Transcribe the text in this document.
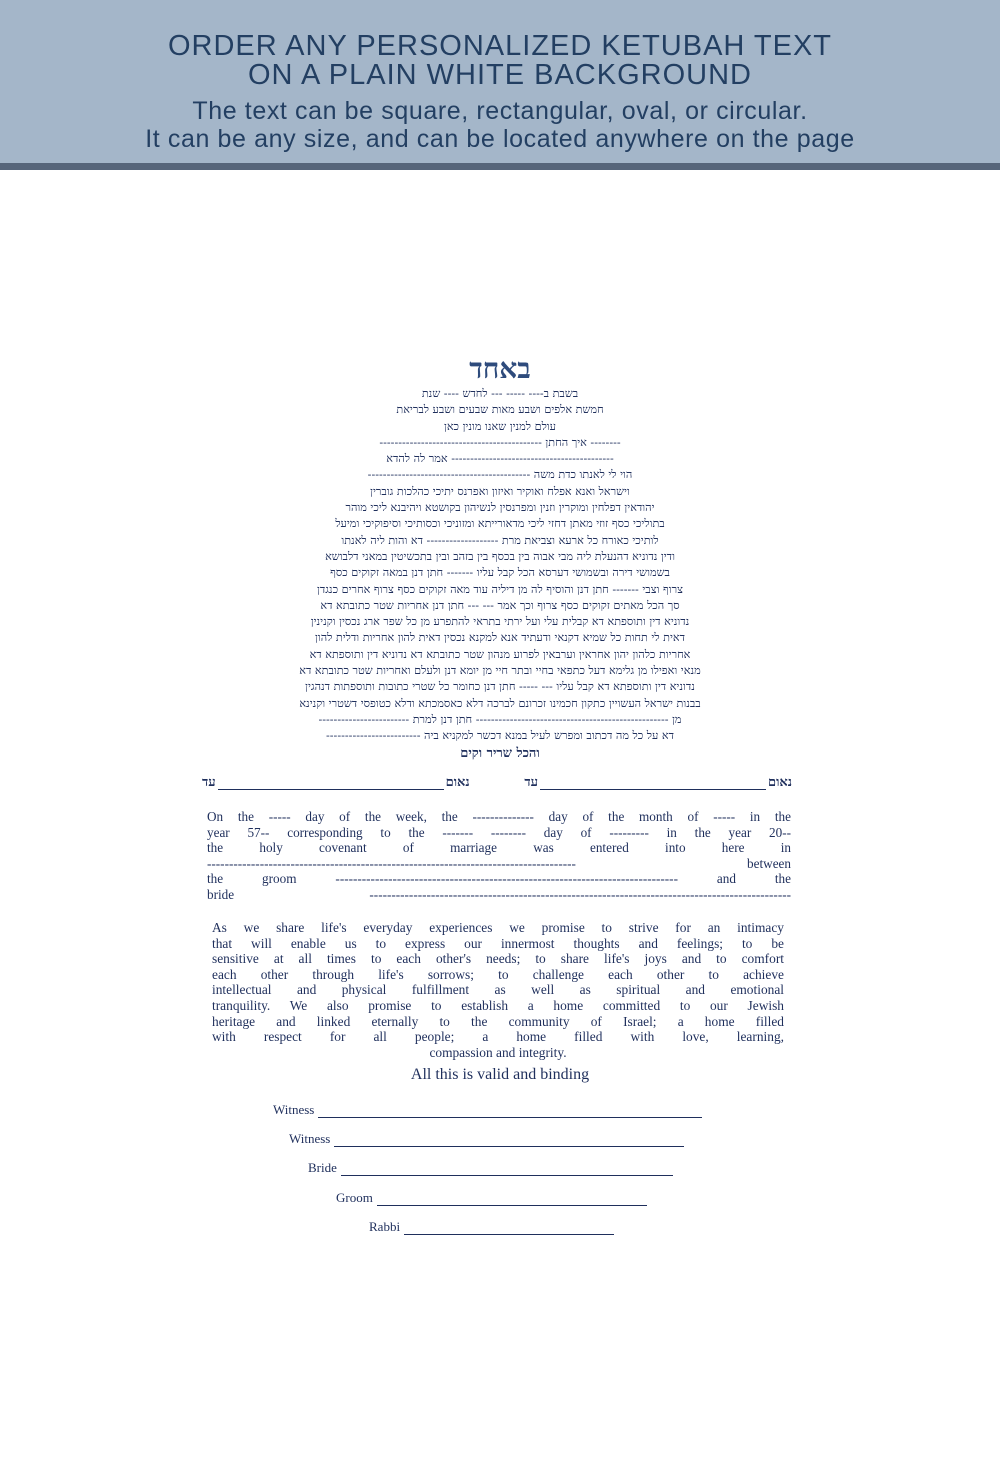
ORDER ANY PERSONALIZED KETUBAH TEXT
ON A PLAIN WHITE BACKGROUND
The text can be square, rectangular, oval, or circular.
It can be any size, and can be located anywhere on the page
באחד
בשבת ב---- ----- --- לחדש ---- שנת
חמשת אלפים ושבע מאות שבעים ושבע לבריאת
עולם למנין שאנו מונין כאן
-------- איך החתן -------------------------------------------
------------------------------------------- אמר לה להדא
הוי לי לאנתו כדת משה -------------------------------------------
וישראל ואנא אפלח ואוקיר ואיזון ואפרנס יתיכי כהלכות גוברין
יהודאין דפלחין ומוקרין וזנין ומפרנסין לנשיהון בקושטא ויהיבנא ליכי מוהר
בתוליכי כסף זוזי מאתן דחזי ליכי מדאורייתא ומזוניכי וכסותיכי וסיפוקיכי ומיעל
לותיכי כאורח כל ארעא וצביאת מרת ------------------- דא והות ליה לאנתו
ודין נדוניא דהנעלת ליה מבי אבוה בין בכסף בין בזהב ובין בתכשיטין במאני דלבושא
בשמושי דירה ובשמושי דערסא הכל קבל עליו ------- חתן דנן במאה זקוקים כסף
צרוף וצבי ------- חתן דנן והוסיף לה מן דיליה עוד מאה זקוקים כסף צרוף אחרים כנגדן
סך הכל מאתים זקוקים כסף צרוף וכך אמר --- --- חתן דנן אחריות שטר כתובתא דא
נדוניא דין ותוספתא דא קבלית עלי ועל ירתי בתראי להתפרע מן כל שפר ארג נכסין וקנינין
דאית לי תחות כל שמיא דקנאי ודעתיד אנא למקנא נכסין דאית להון אחריות ודלית להון
אחריות כלהון יהון אחראין וערבאין לפרוע מנהון שטר כתובתא דא נדוניא דין ותוספתא דא
מנאי ואפילו מן גלימא דעל כתפאי בחיי ובתר חיי מן יומא דנן ולעלם ואחריות שטר כתובתא דא
נדוניא דין ותוספתא דא קבל עליו --- ----- חתן דנן כחומר כל שטרי כתובות ותוספתות דנהגין
בבנות ישראל העשויין כתקון חכמינו זכרונם לברכה דלא כאסמכתא ודלא כטופסי דשטרי וקנינא
מן --------------------------------------------------- חתן דנן למרת ------------------------
דא על כל מה דכתוב ומפרש לעיל במנא דכשר למקניא ביה -------------------------
והכל שריר וקים
נאום
עד
נאום
עד
On the ----- day of the week, the -------------- day of the month of ----- in the
year 57-- corresponding to the ------- -------- day of --------- in the year 20--
the holy covenant of marriage was entered into here in
------------------------------------------------------------------------------------ between
the groom ------------------------------------------------------------------------------ and the
bride ------------------------------------------------------------------------------------------------
As we share life's everyday experiences we promise to strive for an intimacy
that will enable us to express our innermost thoughts and feelings; to be
sensitive at all times to each other's needs; to share life's joys and to comfort
each other through life's sorrows; to challenge each other to achieve
intellectual and physical fulfillment as well as spiritual and emotional
tranquility. We also promise to establish a home committed to our Jewish
heritage and linked eternally to the community of Israel; a home filled
with respect for all people; a home filled with love, learning,
compassion and integrity.
All this is valid and binding
Witness
Witness
Bride
Groom
Rabbi
